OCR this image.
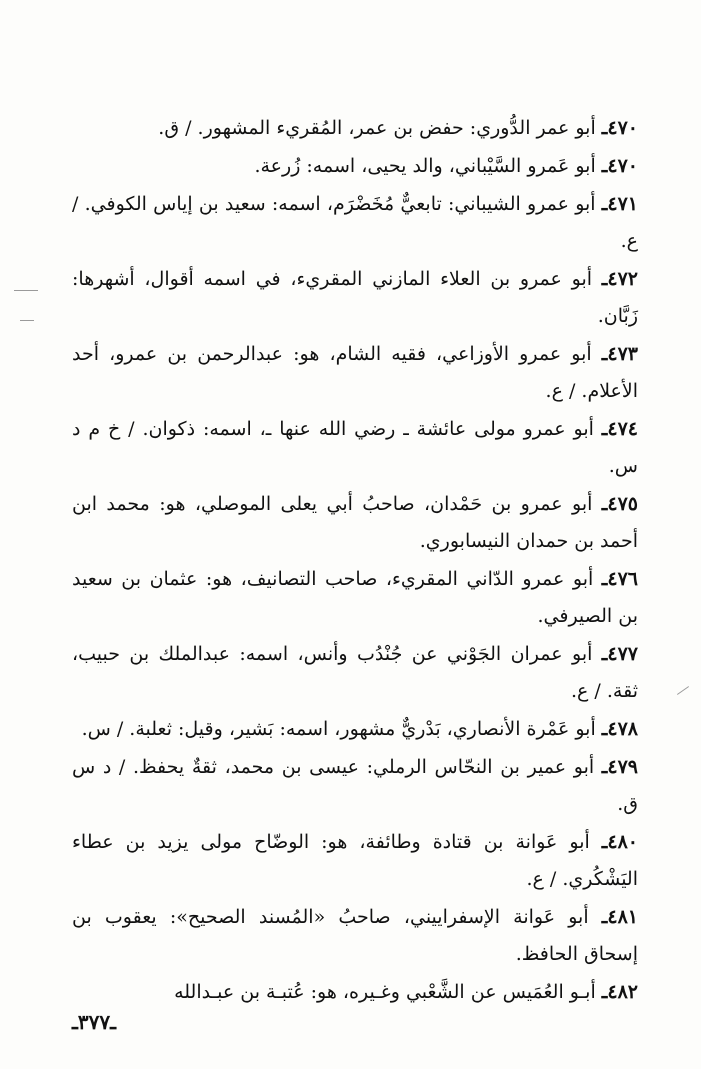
٤٧٠ـ أبو عمر الدُّوري: حفض بن عمر، المُقريء المشهور. / ق.

٤٧٠ـ أبو عَمرو السَّيْباني، والد يحيى، اسمه: زُرعة.

٤٧١ـ أبو عمرو الشيباني: تابعيٌّ مُخَضْرَم، اسمه: سعيد بن إياس الكوفي. / ع.

٤٧٢ـ أبو عمرو بن العلاء المازني المقريء، في اسمه أقوال، أشهرها: زَبَّان.

٤٧٣ـ أبو عمرو الأوزاعي، فقيه الشام، هو: عبدالرحمن بن عمرو، أحد الأعلام. / ع.

٤٧٤ـ أبو عمرو مولى عائشة ـ رضي الله عنها ـ، اسمه: ذكوان. / خ م د س.

٤٧٥ـ أبو عمرو بن حَمْدان، صاحبُ أبي يعلى الموصلي، هو: محمد ابن أحمد بن حمدان النيسابوري.

٤٧٦ـ أبو عمرو الدّاني المقريء، صاحب التصانيف، هو: عثمان بن سعيد بن الصيرفي.

٤٧٧ـ أبو عمران الجَوْني عن جُنْدُب وأنس، اسمه: عبدالملك بن حبيب، ثقة. / ع.

٤٧٨ـ أبو عَمْرة الأنصاري، بَدْريٌّ مشهور، اسمه: بَشير، وقيل: ثعلبة. / س.

٤٧٩ـ أبو عمير بن النحّاس الرملي: عيسى بن محمد، ثقةٌ يحفظ. / د س ق.

٤٨٠ـ أبو عَوانة بن قتادة وطائفة، هو: الوضّاح مولى يزيد بن عطاء اليَشْكُري. / ع.

٤٨١ـ أبو عَوانة الإسفراييني، صاحبُ «المُسند الصحيح»: يعقوب بن إسحاق الحافظ.

٤٨٢ـ أبـو العُمَيس عن الشَّعْبي وغـيره، هو: عُتبـة بن عبـدالله

ـ٣٧٧ـ
